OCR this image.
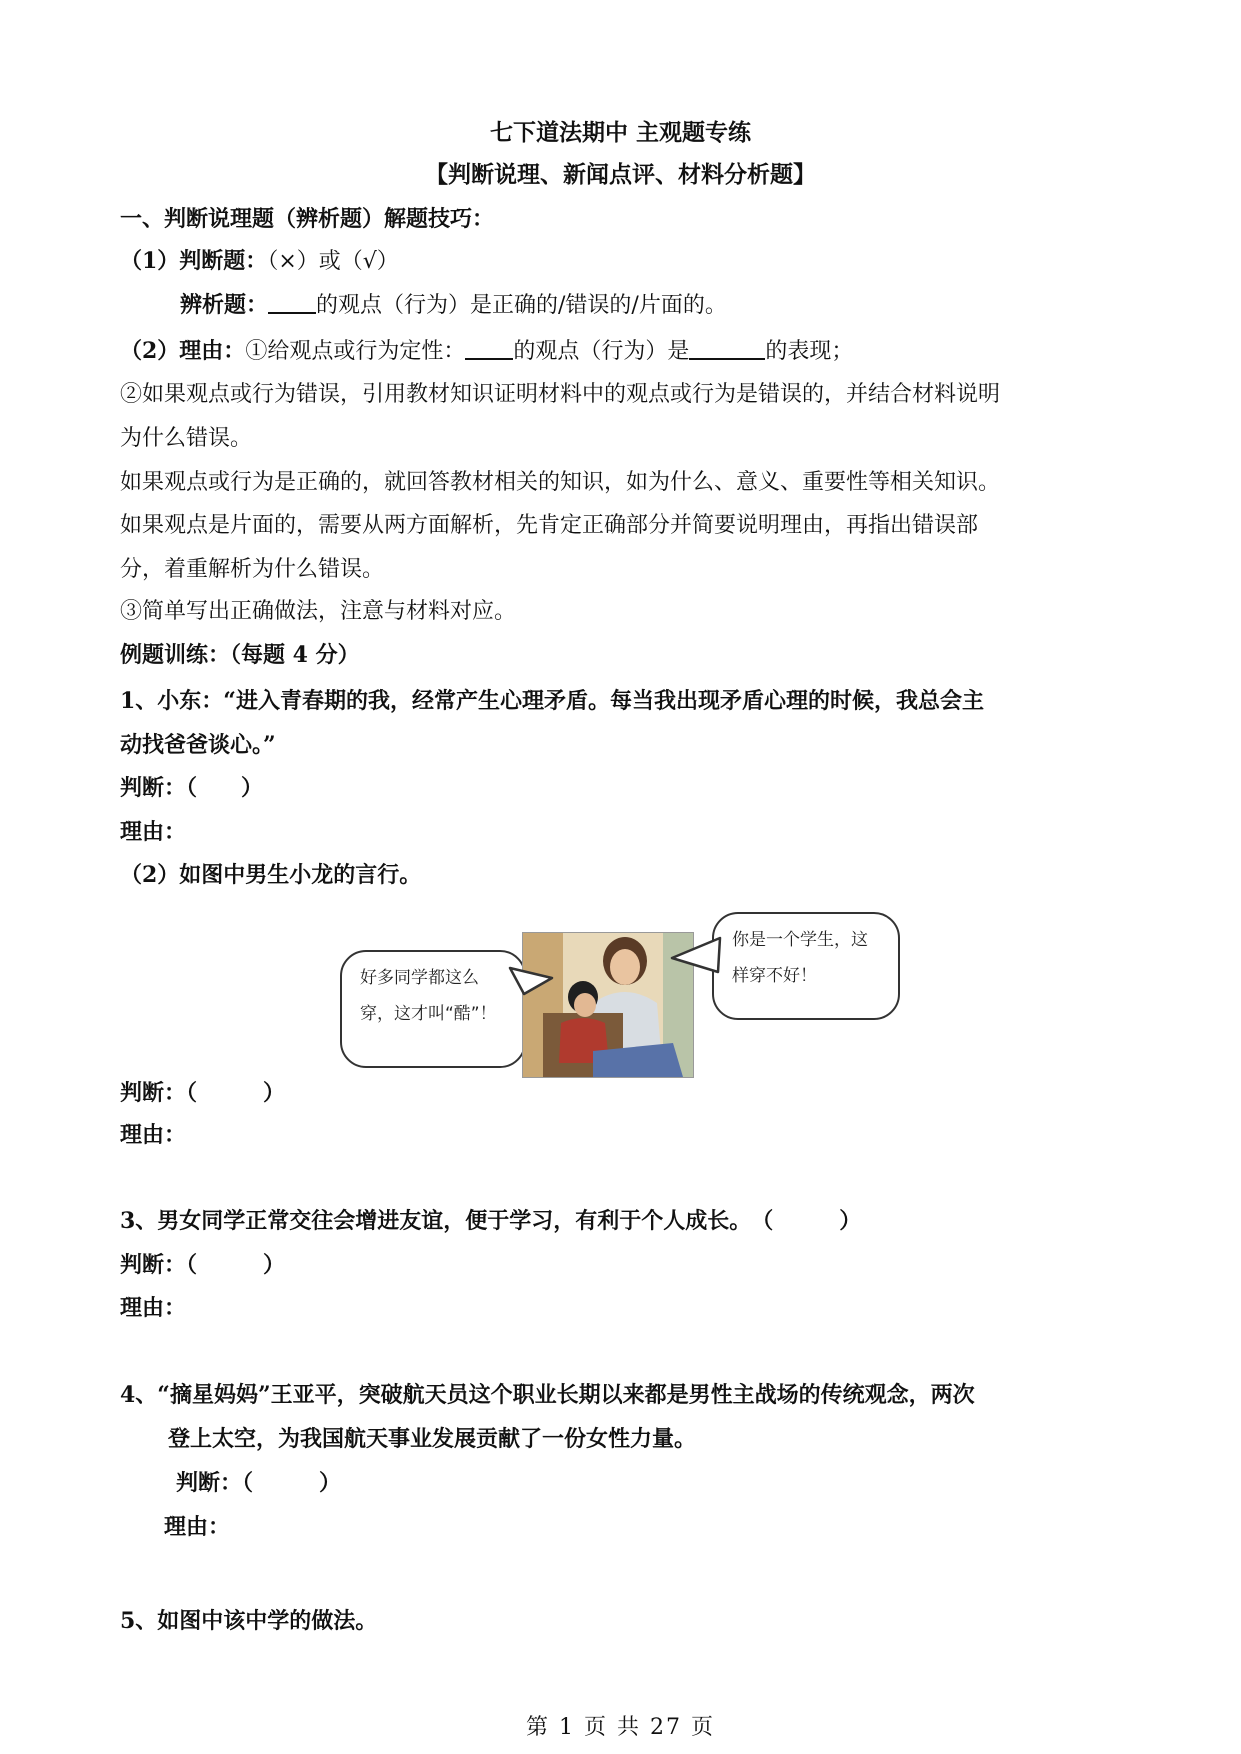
七下道法期中 主观题专练
【判断说理、新闻点评、材料分析题】
一、判断说理题（辨析题）解题技巧：
（1）判断题：（×）或（√）
辨析题： 的观点（行为）是正确的/错误的/片面的。
（2）理由：①给观点或行为定性： 的观点（行为）是	的表现；
②如果观点或行为错误，引用教材知识证明材料中的观点或行为是错误的，并结合材料说明
为什么错误。
如果观点或行为是正确的，就回答教材相关的知识，如为什么、意义、重要性等相关知识。
如果观点是片面的，需要从两方面解析，先肯定正确部分并简要说明理由，再指出错误部
分，着重解析为什么错误。
③简单写出正确做法，注意与材料对应。
例题训练：（每题 4 分）
1、小东：“进入青春期的我，经常产生心理矛盾。每当我出现矛盾心理的时候，我总会主
动找爸爸谈心。”
判断：（　　）
理由：
（2）如图中男生小龙的言行。
好多同学都这么
穿，这才叫“酷”！
你是一个学生，这
样穿不好！
判断：（　　　）
理由：
3、男女同学正常交往会增进友谊，便于学习，有利于个人成长。　（　　　）
判断：（　　　）
理由：
4、“摘星妈妈”王亚平，突破航天员这个职业长期以来都是男性主战场的传统观念，两次
登上太空，为我国航天事业发展贡献了一份女性力量。
判断：（　　　）
理由：
5、如图中该中学的做法。
第 1 页 共 27 页
